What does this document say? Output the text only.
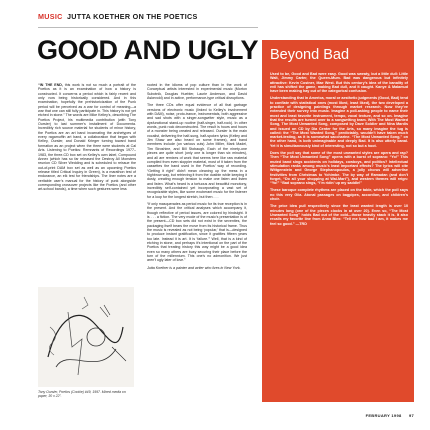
MUSIC JUTTA KOETHER ON THE POETICS
GOOD AND UGLY
“IN THE END, this work is not so much a portrait of the Poetics as it is an examination of how a history is constructed. It concerns a period which is fairly recent and only now being historically considered. And in this examination, hopefully the prehistoricization of the Punk period will be perceived as a war for control of meaning—a war that one can still fully participate in. This history is not yet etched in stone.” The words are Mike Kelley’s, describing The Poetics Project, his multimedia contribution (with Tony Oursler) to last summer’s installment of Documenta. Incredibly rich source material for students of minor history, the Poetics are an art band incarnating the archetypes of every ragamuffin art band, a collaboration that began with Kelley, Oursler, and Donald Krieger turning toward band formation as an project when the three were students at Cal Arts. Listening to Poetics: Remnants of Recordings 1977–1983, the three-CD box set on Kelley’s own label, Compound Annex (which has so far released the Destroy All Monsters reunion CD Silver Wedding and is scheduled to reissue the out-of-print DAM box set as well as an upcoming Poetics release titled Critical Inquiry in Green), is a marathon test of endurance, an elk test for friendships. The liner notes are a veritable user’s manual for the history of punk alongside corresponding crossover projects like the Poetics (and other art-school bands), a time when such gestures were less
Tony Oursler, Poetics (Cookie) #49, 1997. Mixed media on paper, 30 x 22”.

rooted in the idioms of pop culture than in the work of Conceptual artists interested in experimental music (Morton Subotnik, Douglas Huebler, Laurie Anderson, and David Askevold) and in active, performance-type critical disruptions.

The three CDs offer equal evidence of all that garbage versions of electronic music (linked to Kelley’s involvement with DAM), noise, proto-trance, instrumentals, both aggressive and sad shots with a singer-songwriter style, music as a dysfunctional stand-up routine (half-singer, half-rock). In other words, punk rock deconstructed. The result is hours and hours of a monster being created and released. Oursler is the main vocalist, delivering the half-sung, half-spoken lyrics (Kelley and Jim Shaw are also heard on some frames), and band members include (on various cuts) John Miller, Mark Madel, Tim Stroshine, and Bill Stobaugh. Each of the ninety-one pieces are quite short (only one is longer than six minutes), and all are remixes of work that seems here like raw material compiled from even sloppier material, most of it taken from the cassettes the band used in the Poetics’ way of recording. “Getting it right” didn’t mean cleaning up the mess in a highbrow way, but retrieving it from the dustbin while keeping it dusty, creating enough tension to make one listen and listen and listen. What’s heard is a tortuous and beautiful monotony, incredibly self-contained yet incorporating a vast set of recognizable styles, like some exuberant music for the listener for a loop for the longest stretch, but then . . .

“If only masquerades as period music for its true reception is in the present. And the critical analyses which accompany it, though reflective of period issues, are colored by hindsight. It is . . . a fiction. The very mode of the music’s presentation is of the present—CD box sets did not exist in the seventies, the packaging itself bears the move from its historical frame. Thus the music is revealed as not being ‘popular,’ that is—designed to produce instant gratification, since it gratifies fifteen years too late. Instead it is art. It is ‘failure.’” Well, that is a kind of etching in stone, and perhaps it’s intentional on the part of the Poetics that treating history this way might be a good idea even so many others are busy securing their place before the turn of the millennium. This one’s no admonition. We just aren’t ugly later of love.”

Jutta Koether is a painter and writer who lives in New York.

Beyond Bad

Used to be, Good and Bad were easy. Good was sweaty, but a little dull: Little Walt, Jimmy Carter, the Queen-Mum. Bad was dangerous but infinitely attractive: Kevin Costner, Mae West. But this century’s idea of the banality of evil has shifted the game, making Bad dull, and it caught. Kanye & Malamud have been making hay out of the categorical confusion.

Understanding that in America, moral or aesthetic judgments (Good, Bad) tend to conflate with statistical ones (most liked, least liked), the two developed a practice of designing paintings through market research. Now they’ve extended their survey into music. Imagine a poll-asking people to name their most and least favorite instrument, tempo, vocal texture, and so on. Imagine that the results are turned over to a songwriting team. With The Most Wanted Song, The Most Unwanted Song, composed by Dave Soldier and Nina Mardis and issued on CD by Dia Center for the Arts, so many imagine the tug is called: the “The Most Wanted Song,” predictably, wouldn’t have taken much market-testing, as it is somewhat saccharine. “The Most Unwanted Song,” on the other hand, is both unimaginable and deeply Bad. It is also utterly banal. Yet it is simultaneously kind of interesting, not so but a hoot.

Does the poll say that some of the most unwanted styles are opera and rap? Then “The Most Unwanted Song” opens with a burst of soprano: “Yo!” This muted band sings accidents on holidays, cowboys, and politics? Intellectual stimulation ranks among music’s least important effects? The lyrics will cite Wittgenstein and George Stephanopoulos, a jolly chorus will advertise festivities from Christmas to Yohimbe. The by way of Ramadan (and don’t forget, “Do all your shopping at Wal-Mart”), and western themes will reign: “Yo!” “Bad soprano sings, “I’m ridin’ up my saddle!”

These baroque complete rhythms are placed on the table, which the poll says no this very Gila. Atonal passages on bagpipes, accordion, and children’s choir.

The price idea pull respectively since the least wanted length is over 10 minutes long (one of the pieces clocks in at over 20). Even so, “The Most Unwanted Song” holds Bad out of the cold—those heavily stack it is. It also recalls my favorite line from Anna Blex: “Tell me how bad I am, it makes me feel so good.” —TRD

FEBRUARY 1998 97
